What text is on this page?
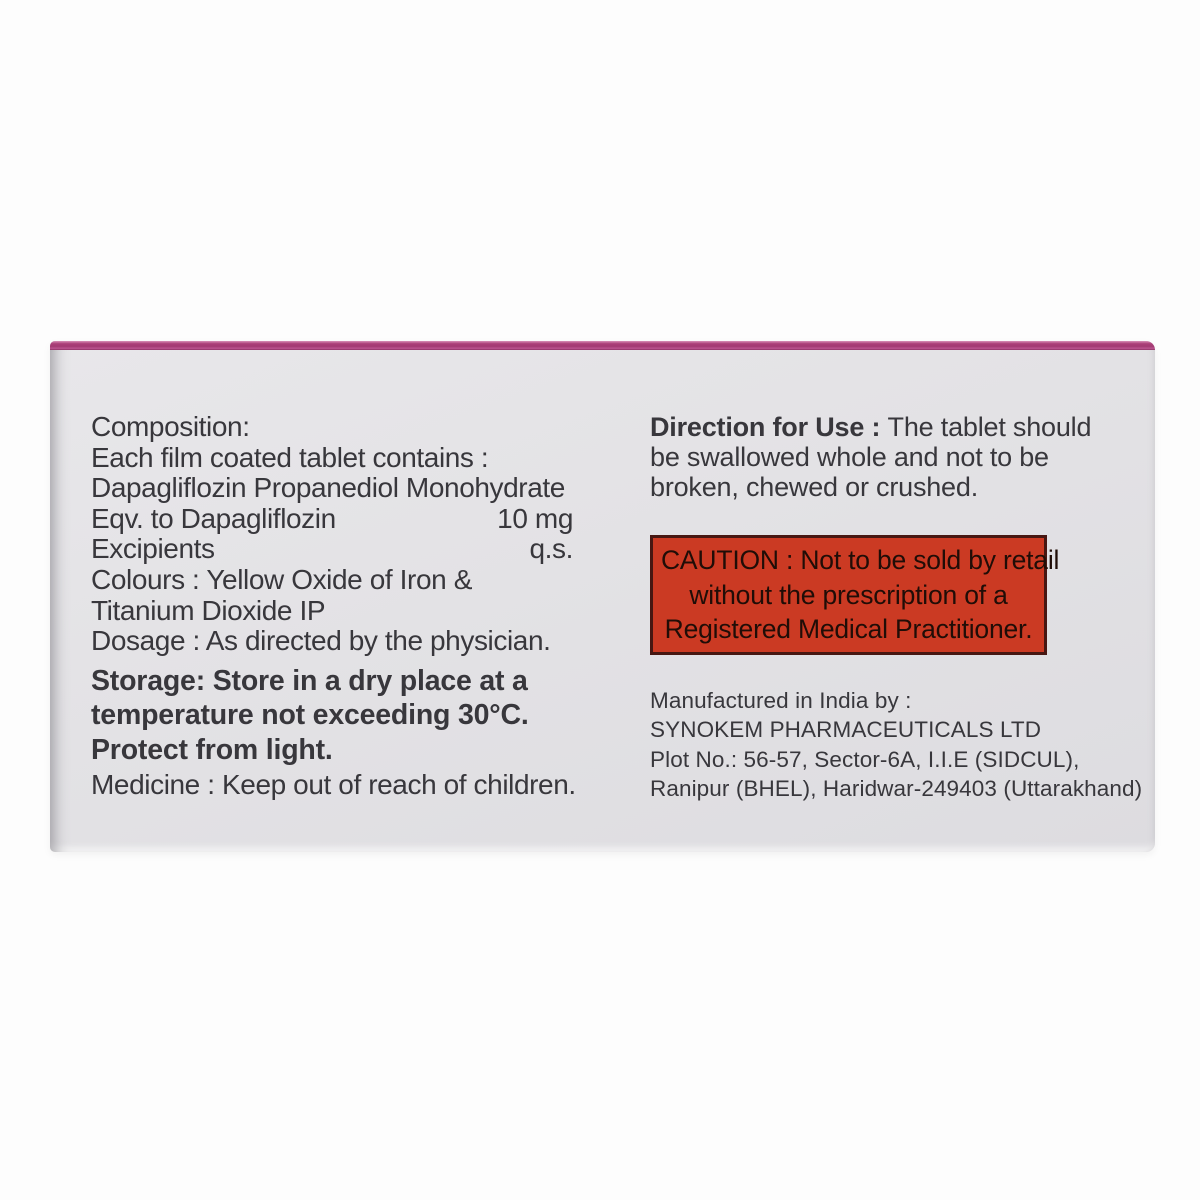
Composition:
Each film coated tablet contains :
Dapagliflozin Propanediol Monohydrate
Eqv. to Dapagliflozin	10 mg
Excipients	q.s.
Colours : Yellow Oxide of Iron &
Titanium Dioxide IP
Dosage : As directed by the physician.
Storage: Store in a dry place at a
temperature not exceeding 30°C.
Protect from light.
Medicine : Keep out of reach of children.
Direction for Use : The tablet should
be swallowed whole and not to be
broken, chewed or crushed.
CAUTION : Not to be sold by retail
without the prescription of a
Registered Medical Practitioner.
Manufactured in India by :
SYNOKEM PHARMACEUTICALS LTD
Plot No.: 56-57, Sector-6A, I.I.E (SIDCUL),
Ranipur (BHEL), Haridwar-249403 (Uttarakhand)
